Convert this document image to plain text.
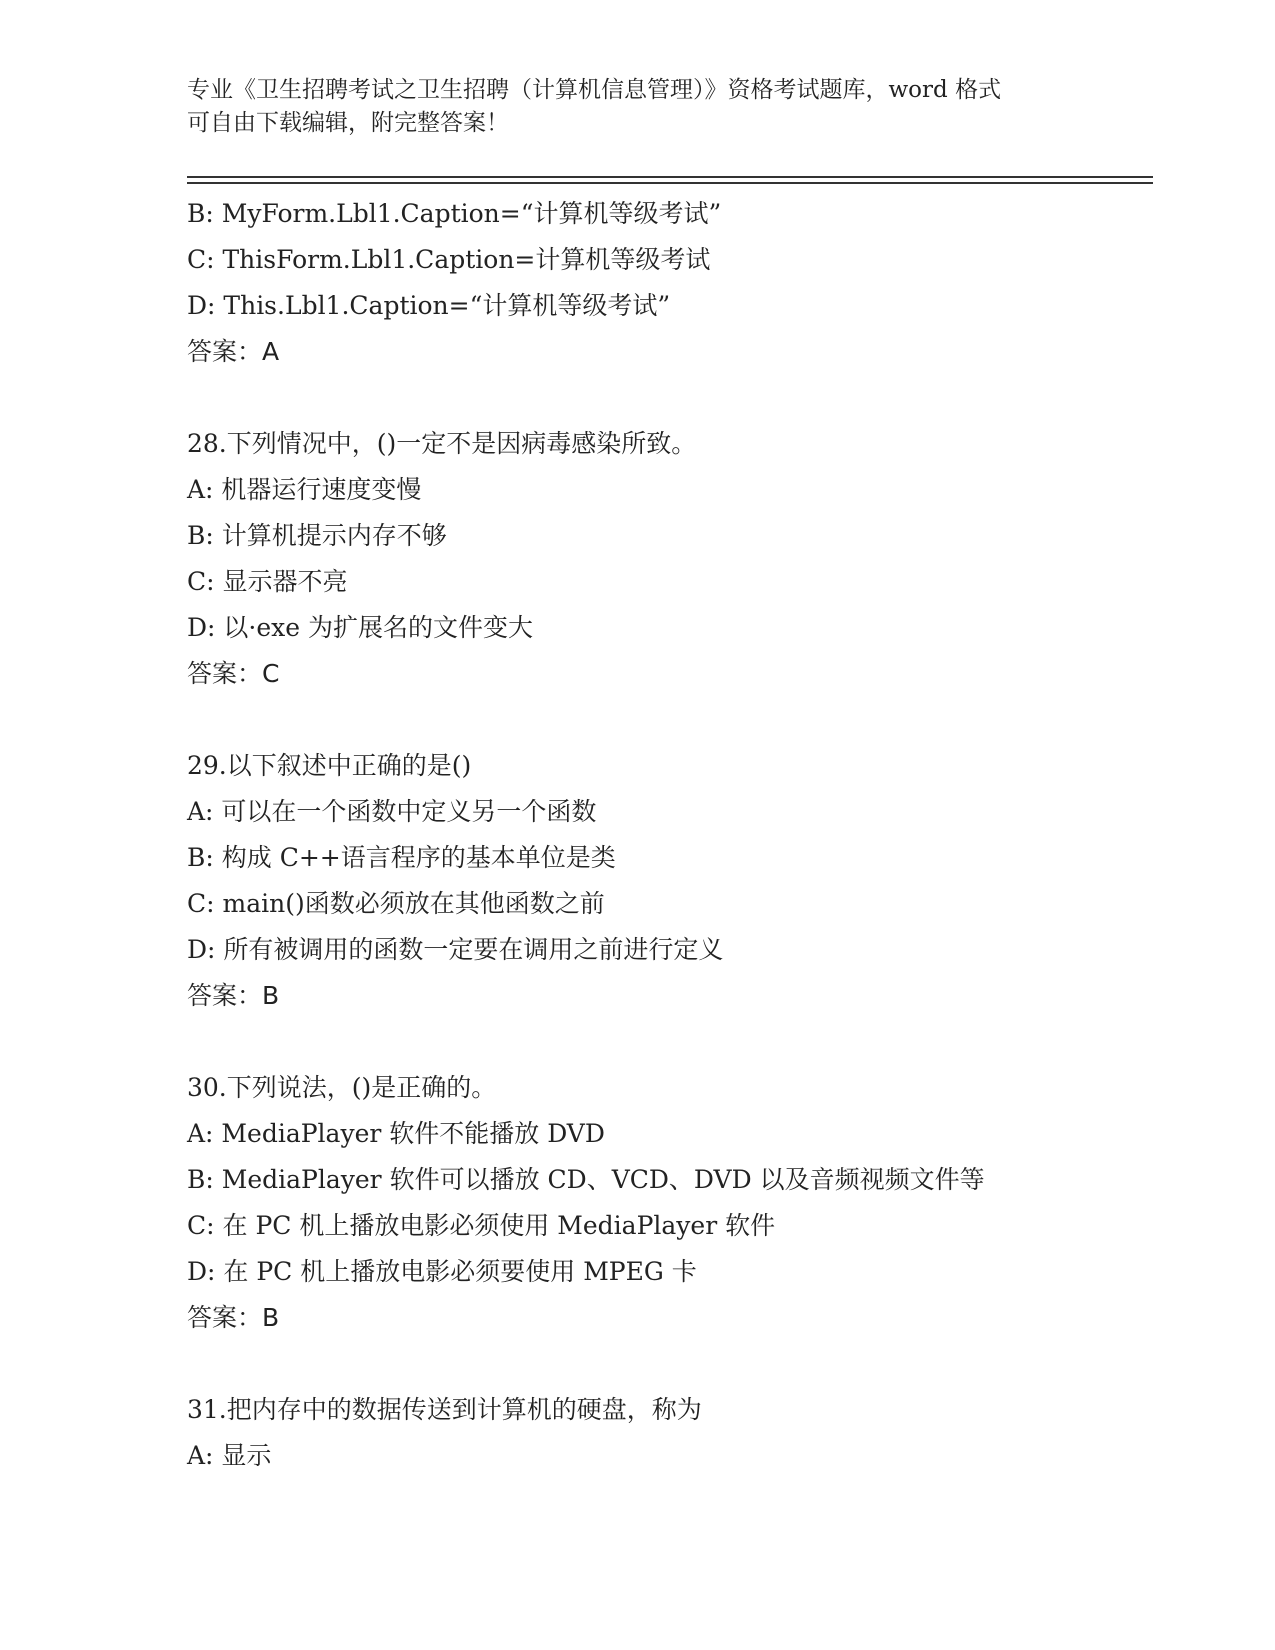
专业《卫生招聘考试之卫生招聘（计算机信息管理）》资格考试题库，word 格式
可自由下载编辑，附完整答案！
B: MyForm.Lbl1.Caption=“计算机等级考试”
C: ThisForm.Lbl1.Caption=计算机等级考试
D: This.Lbl1.Caption=“计算机等级考试”
答案：A
28.下列情况中，()一定不是因病毒感染所致。
A: 机器运行速度变慢
B: 计算机提示内存不够
C: 显示器不亮
D: 以·exe 为扩展名的文件变大
答案：C
29.以下叙述中正确的是()
A: 可以在一个函数中定义另一个函数
B: 构成 C++语言程序的基本单位是类
C: main()函数必须放在其他函数之前
D: 所有被调用的函数一定要在调用之前进行定义
答案：B
30.下列说法，()是正确的。
A: MediaPlayer 软件不能播放 DVD
B: MediaPlayer 软件可以播放 CD、VCD、DVD 以及音频视频文件等
C: 在 PC 机上播放电影必须使用 MediaPlayer 软件
D: 在 PC 机上播放电影必须要使用 MPEG 卡
答案：B
31.把内存中的数据传送到计算机的硬盘，称为
A: 显示
